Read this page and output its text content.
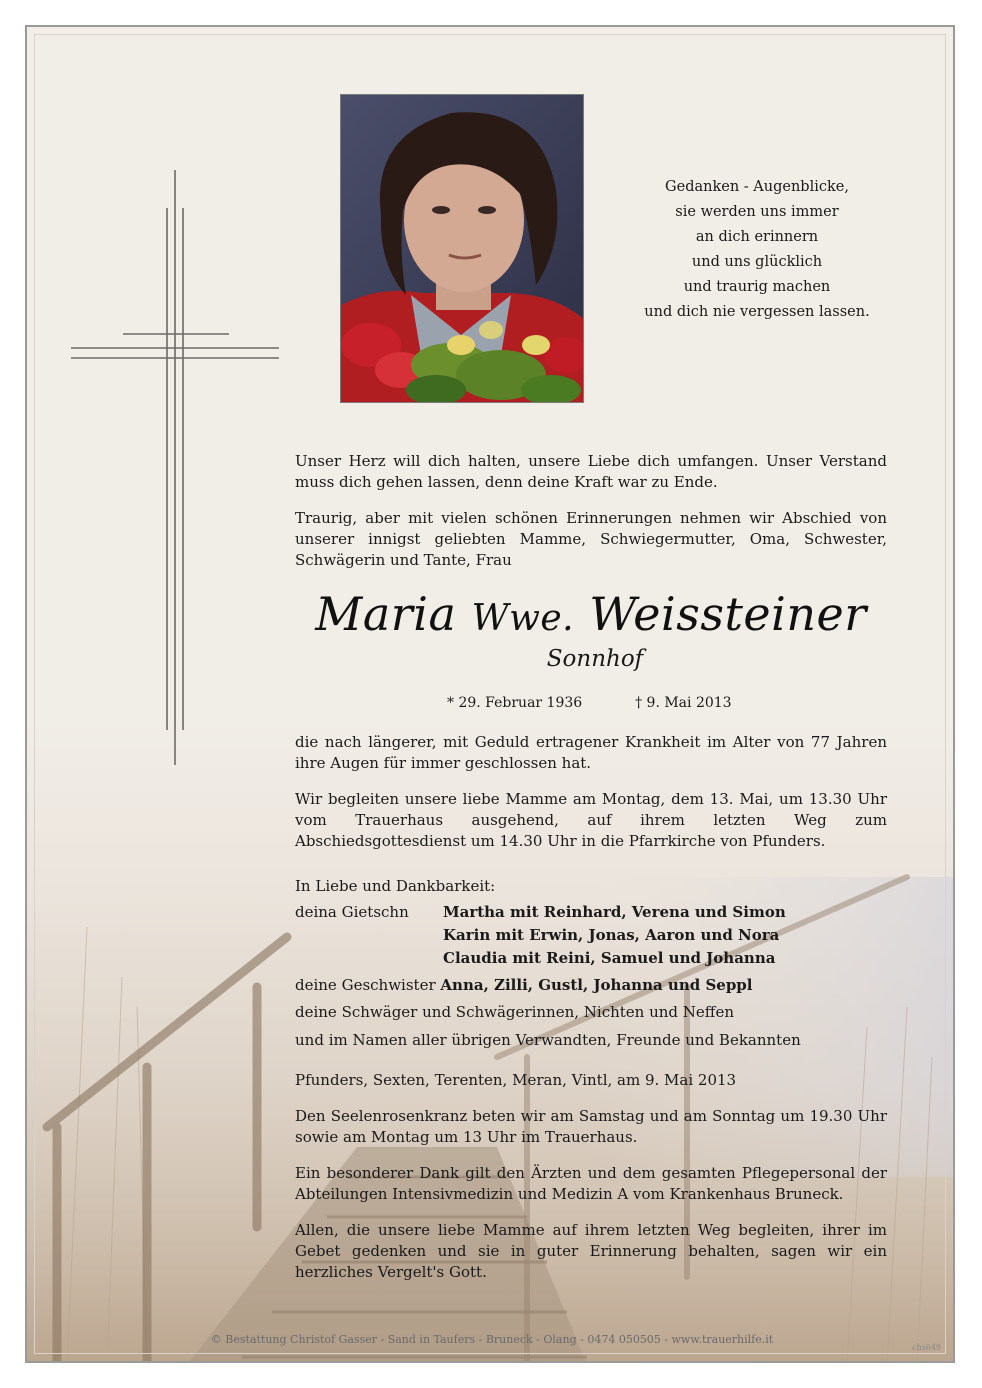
Gedanken - Augenblicke,
sie werden uns immer
an dich erinnern
und uns glücklich
und traurig machen
und dich nie vergessen lassen.

Unser Herz will dich halten, unsere Liebe dich umfangen. Unser Verstand muss dich gehen lassen, denn deine Kraft war zu Ende.

Traurig, aber mit vielen schönen Erinnerungen nehmen wir Abschied von unserer innigst geliebten Mamme, Schwiegermutter, Oma, Schwester, Schwägerin und Tante, Frau

Maria Wwe. Weissteiner
Sonnhof
* 29. Februar 1936	† 9. Mai 2013

die nach längerer, mit Geduld ertragener Krankheit im Alter von 77 Jahren ihre Augen für immer geschlossen hat.

Wir begleiten unsere liebe Mamme am Montag, dem 13. Mai, um 13.30 Uhr vom Trauerhaus ausgehend, auf ihrem letzten Weg zum Abschiedsgottesdienst um 14.30 Uhr in die Pfarrkirche von Pfunders.

In Liebe und Dankbarkeit:
deina Gietschn Martha mit Reinhard, Verena und Simon
Karin mit Erwin, Jonas, Aaron und Nora
Claudia mit Reini, Samuel und Johanna
deine Geschwister Anna, Zilli, Gustl, Johanna und Seppl
deine Schwäger und Schwägerinnen, Nichten und Neffen
und im Namen aller übrigen Verwandten, Freunde und Bekannten

Pfunders, Sexten, Terenten, Meran, Vintl, am 9. Mai 2013

Den Seelenrosenkranz beten wir am Samstag und am Sonntag um 19.30 Uhr sowie am Montag um 13 Uhr im Trauerhaus.

Ein besonderer Dank gilt den Ärzten und dem gesamten Pflegepersonal der Abteilungen Intensivmedizin und Medizin A vom Krankenhaus Bruneck.

Allen, die unsere liebe Mamme auf ihrem letzten Weg begleiten, ihrer im Gebet gedenken und sie in guter Erinnerung behalten, sagen wir ein herzliches Vergelt's Gott.

© Bestattung Christof Gasser - Sand in Taufers - Bruneck - Olang - 0474 050505 - www.trauerhilfe.it
chs649
